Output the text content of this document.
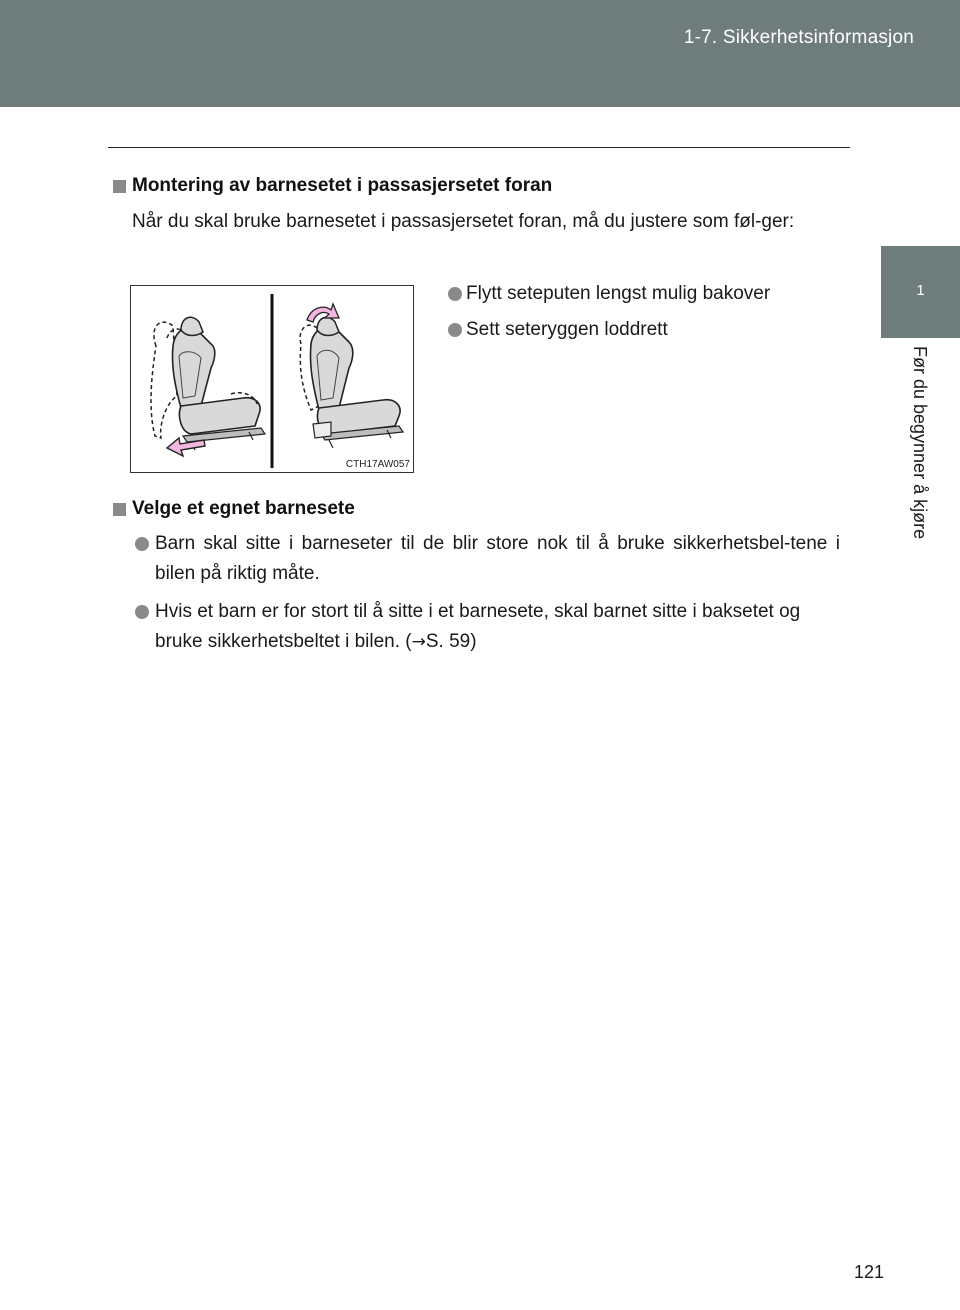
1-7. Sikkerhetsinformasjon
1
Før du begynner å kjøre
Montering av barnesetet i passasjersetet foran
Når du skal bruke barnesetet i passasjersetet foran, må du justere som føl-ger:
CTH17AW057
Flytt seteputen lengst mulig bakover
Sett seteryggen loddrett
Velge et egnet barnesete
Barn skal sitte i barneseter til de blir store nok til å bruke sikkerhetsbel-tene i bilen på riktig måte.
Hvis et barn er for stort til å sitte i et barnesete, skal barnet sitte i baksetet og bruke sikkerhetsbeltet i bilen. (→S. 59)
121
